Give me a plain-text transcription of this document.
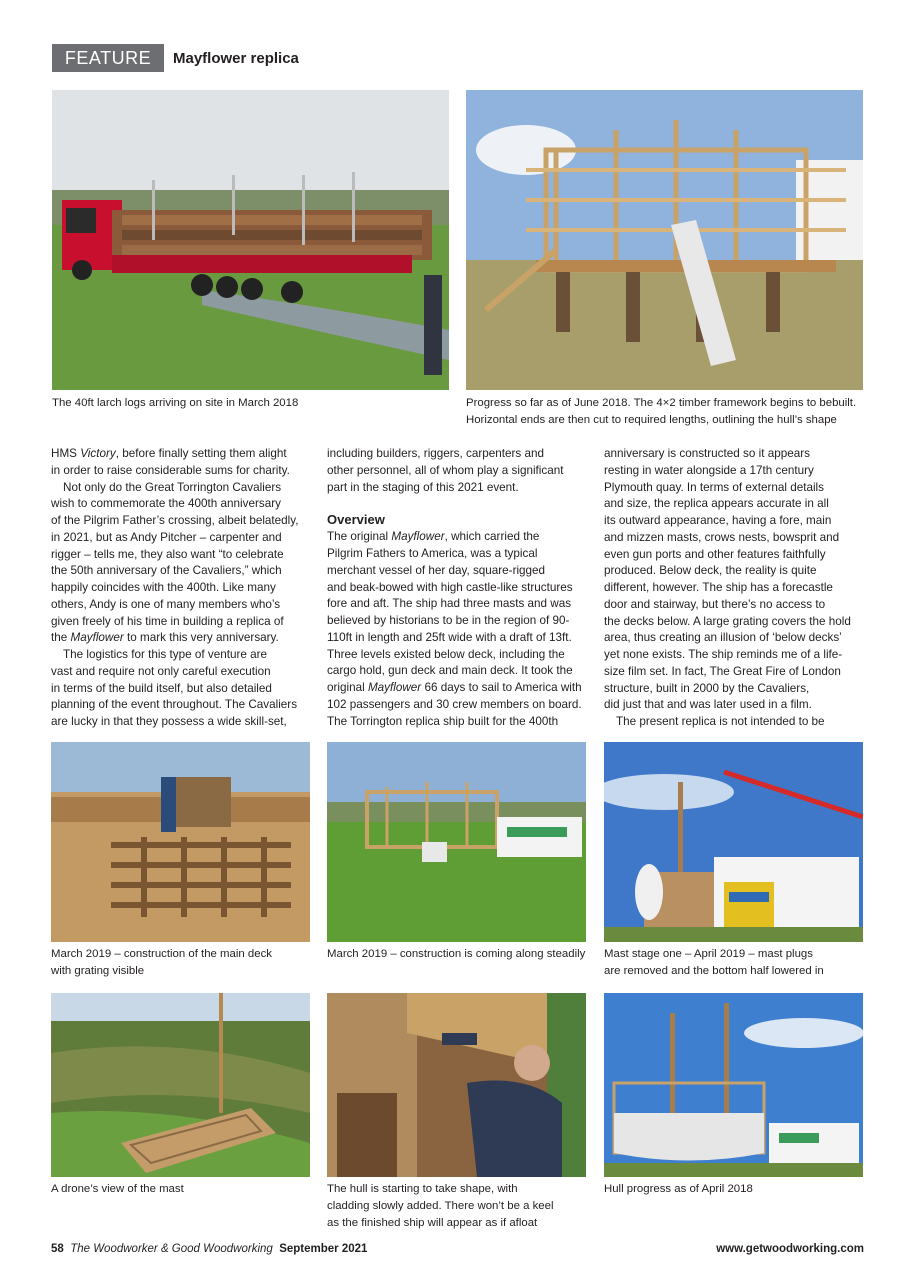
FEATURE	Mayflower replica
The 40ft larch logs arriving on site in March 2018	Progress so far as of June 2018. The 4×2 timber framework begins to bebuilt.
Horizontal ends are then cut to required lengths, outlining the hull’s shape

HMS Victory, before finally setting them alight
in order to raise considerable sums for charity.
Not only do the Great Torrington Cavaliers
wish to commemorate the 400th anniversary
of the Pilgrim Father’s crossing, albeit belatedly,
in 2021, but as Andy Pitcher – carpenter and
rigger – tells me, they also want “to celebrate
the 50th anniversary of the Cavaliers,” which
happily coincides with the 400th. Like many
others, Andy is one of many members who’s
given freely of his time in building a replica of
the Mayflower to mark this very anniversary.
The logistics for this type of venture are
vast and require not only careful execution
in terms of the build itself, but also detailed
planning of the event throughout. The Cavaliers
are lucky in that they possess a wide skill-set,

including builders, riggers, carpenters and
other personnel, all of whom play a significant
part in the staging of this 2021 event.
Overview
The original Mayflower, which carried the
Pilgrim Fathers to America, was a typical
merchant vessel of her day, square-rigged
and beak-bowed with high castle-like structures
fore and aft. The ship had three masts and was
believed by historians to be in the region of 90-
110ft in length and 25ft wide with a draft of 13ft.
Three levels existed below deck, including the
cargo hold, gun deck and main deck. It took the
original Mayflower 66 days to sail to America with
102 passengers and 30 crew members on board.
The Torrington replica ship built for the 400th
anniversary is constructed so it appears
resting in water alongside a 17th century
Plymouth quay. In terms of external details
and size, the replica appears accurate in all
its outward appearance, having a fore, main
and mizzen masts, crows nests, bowsprit and
even gun ports and other features faithfully
produced. Below deck, the reality is quite
different, however. The ship has a forecastle
door and stairway, but there’s no access to
the decks below. A large grating covers the hold
area, thus creating an illusion of ‘below decks’
yet none exists. The ship reminds me of a life-
size film set. In fact, The Great Fire of London
structure, built in 2000 by the Cavaliers,
did just that and was later used in a film.
The present replica is not intended to be
March 2019 – construction of the main deck
with grating visible
March 2019 – construction is coming along steadily Mast stage one – April 2019 – mast plugs
are removed and the bottom half lowered in
A drone’s view of the mast	The hull is starting to take shape, with
cladding slowly added. There won’t be a keel
as the finished ship will appear as if afloat
Hull progress as of April 2018
58 The Woodworker & Good Woodworking September 2021	www.getwoodworking.com
